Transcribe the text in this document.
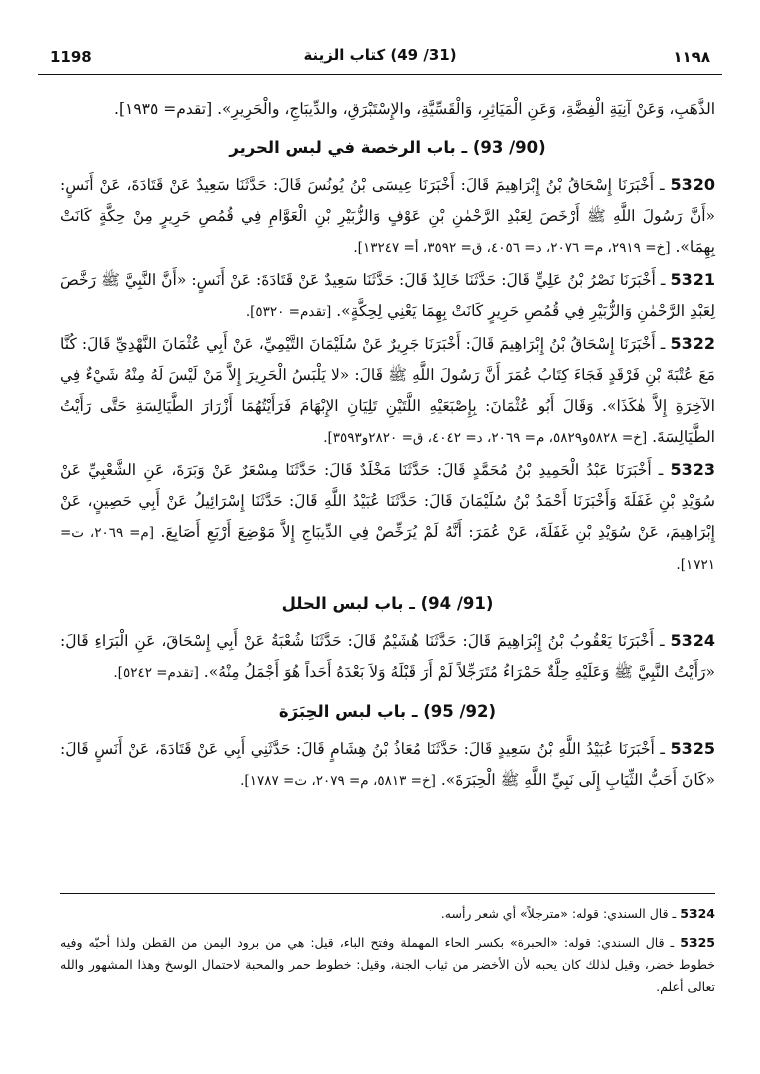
1198	(31/ 49) كتاب الزينة	١١٩٨

الذَّهَبِ، وَعَنْ آنِيَةِ الْفِضَّةِ، وَعَنِ الْمَيَاثِرِ، وَالْقَسِّيَّةِ، والإِسْتَبْرَقِ، والدِّيبَاجِ، والْحَرِيرِ». [تقدم= ١٩٣٥].

(90/ 93) ـ باب الرخصة في لبس الحرير

5320 ـ أَخْبَرَنَا إِسْحَاقُ بْنُ إِبْرَاهِيمَ قَالَ: أَخْبَرَنَا عِيسَى بْنُ يُونُسَ قَالَ: حَدَّثَنَا سَعِيدٌ عَنْ قَتَادَةَ، عَنْ أَنَسٍ: «أَنَّ رَسُولَ اللَّهِ ﷺ أَرْخَصَ لِعَبْدِ الرَّحْمٰنِ بْنِ عَوْفٍ وَالزُّبَيْرِ بْنِ الْعَوَّامِ فِي قُمُصِ حَرِيرٍ مِنْ حِكَّةٍ كَانَتْ بِهِمَا». [خ= ٢٩١٩، م= ٢٠٧٦، د= ٤٠٥٦، ق= ٣٥٩٢، أ= ١٣٢٤٧].

5321 ـ أَخْبَرَنَا نَصْرُ بْنُ عَلِيٍّ قَالَ: حَدَّثَنَا خَالِدٌ قَالَ: حَدَّثَنَا سَعِيدٌ عَنْ قَتَادَةَ: عَنْ أَنَسٍ: «أَنَّ النَّبِيَّ ﷺ رَخَّصَ لِعَبْدِ الرَّحْمٰنِ وَالزُّبَيْرِ فِي قُمُصِ حَرِيرٍ كَانَتْ بِهِمَا يَعْنِي لِحِكَّةٍ». [تقدم= ٥٣٢٠].

5322 ـ أَخْبَرَنَا إِسْحَاقُ بْنُ إِبْرَاهِيمَ قَالَ: أَخْبَرَنَا جَرِيرٌ عَنْ سُلَيْمَانَ التَّيْمِيِّ، عَنْ أَبِي عُثْمَانَ النَّهْدِيِّ قَالَ: كُنَّا مَعَ عُتْبَةَ بْنِ فَرْقَدٍ فَجَاءَ كِتَابُ عُمَرَ أَنَّ رَسُولَ اللَّهِ ﷺ قَالَ: «لا يَلْبَسُ الْحَرِيرَ إِلاَّ مَنْ لَيْسَ لَهُ مِنْهُ شَيْءٌ فِي الآخِرَةِ إِلاَّ هٰكَذَا». وَقَالَ أَبُو عُثْمَانَ: بِإِصْبَعَيْهِ اللَّتَيْنِ تَلِيَانِ الإِبْهَامَ فَرَأَيْتُهُمَا أَزْرَارَ الطَّيَالِسَةِ حَتَّى رَأَيْتُ الطَّيَالِسَةَ. [خ= ٥٨٢٨و٥٨٢٩، م= ٢٠٦٩، د= ٤٠٤٢، ق= ٢٨٢٠و٣٥٩٣].

5323 ـ أَخْبَرَنَا عَبْدُ الْحَمِيدِ بْنُ مُحَمَّدٍ قَالَ: حَدَّثَنَا مَخْلَدٌ قَالَ: حَدَّثَنَا مِسْعَرٌ عَنْ وَبَرَةَ، عَنِ الشَّعْبِيِّ عَنْ سُوَيْدِ بْنِ غَفَلَةَ وَأَخْبَرَنَا أَحْمَدُ بْنُ سُلَيْمَانَ قَالَ: حَدَّثَنَا عُبَيْدُ اللَّهِ قَالَ: حَدَّثَنَا إِسْرَائِيلُ عَنْ أَبِي حَصِينٍ، عَنْ إِبْرَاهِيمَ، عَنْ سُوَيْدِ بْنِ غَفَلَةَ، عَنْ عُمَرَ: أَنَّهُ لَمْ يُرَخِّصْ فِي الدِّيبَاجِ إِلاَّ مَوْضِعَ أَرْبَعِ أَصَابِعَ. [م= ٢٠٦٩، ت= ١٧٢١].

(91/ 94) ـ باب لبس الحلل

5324 ـ أَخْبَرَنَا يَعْقُوبُ بْنُ إِبْرَاهِيمَ قَالَ: حَدَّثَنَا هُشَيْمٌ قَالَ: حَدَّثَنَا شُعْبَةُ عَنْ أَبِي إِسْحَاقَ، عَنِ الْبَرَاءِ قَالَ: «رَأَيْتُ النَّبِيَّ ﷺ وَعَلَيْهِ حِلَّةٌ حَمْرَاءُ مُتَرَجِّلاً لَمْ أَرَ قَبْلَهُ وَلاَ بَعْدَهُ أَحَداً هُوَ أَجْمَلُ مِنْهُ». [تقدم= ٥٢٤٢].

(92/ 95) ـ باب لبس الحِبَرَة

5325 ـ أَخْبَرَنَا عُبَيْدُ اللَّهِ بْنُ سَعِيدٍ قَالَ: حَدَّثَنَا مُعَاذُ بْنُ هِشَامٍ قَالَ: حَدَّثَنِي أَبِي عَنْ قَتَادَةَ، عَنْ أَنَسٍ قَالَ: «كَانَ أَحَبُّ الثِّيَابِ إِلَى نَبِيِّ اللَّهِ ﷺ الْحِبَرَةَ». [خ= ٥٨١٣، م= ٢٠٧٩، ت= ١٧٨٧].

5324 ـ قال السندي: قوله: «مترجلاً» أي شعر رأسه.

5325 ـ قال السندي: قوله: «الحبرة» بكسر الحاء المهملة وفتح الباء، قيل: هي من برود اليمن من القطن ولذا أحبّه وفيه خطوط خضر، وقيل لذلك كان يحبه لأن الأخضر من ثياب الجنة، وقيل: خطوط حمر والمحبة لاحتمال الوسخ وهذا المشهور والله تعالى أعلم.
